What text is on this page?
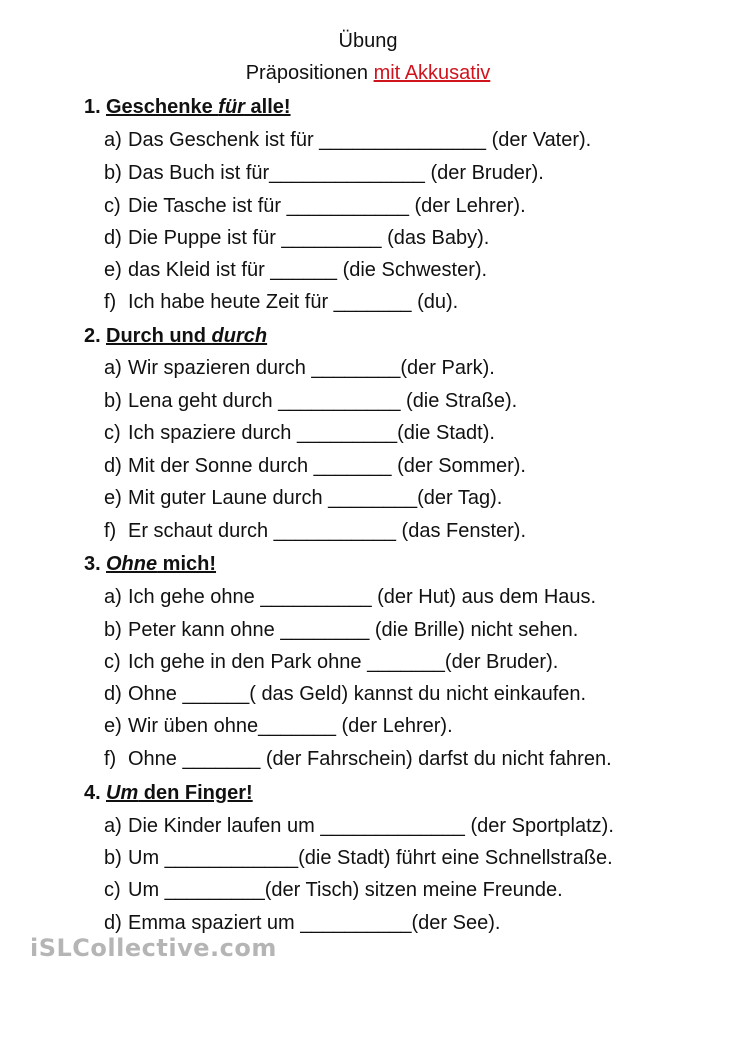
Übung
Präpositionen mit Akkusativ
1. Geschenke für alle!
a) Das Geschenk ist für _______________ (der Vater).
b) Das Buch ist für______________ (der Bruder).
c) Die Tasche ist für ___________ (der Lehrer).
d) Die Puppe ist für _________ (das Baby).
e) das Kleid ist für ______ (die Schwester).
f) Ich habe heute Zeit für _______ (du).
2. Durch und durch
a) Wir spazieren durch ________(der Park).
b) Lena geht durch ___________ (die Straße).
c) Ich spaziere durch _________(die Stadt).
d) Mit der Sonne durch _______ (der Sommer).
e) Mit guter Laune durch ________(der Tag).
f) Er schaut durch ___________ (das Fenster).
3. Ohne mich!
a) Ich gehe ohne __________ (der Hut) aus dem Haus.
b) Peter kann ohne ________ (die Brille) nicht sehen.
c) Ich gehe in den Park ohne _______(der Bruder).
d) Ohne ______( das Geld) kannst du nicht einkaufen.
e) Wir üben ohne_______ (der Lehrer).
f) Ohne _______ (der Fahrschein) darfst du nicht fahren.
4. Um den Finger!
a) Die Kinder laufen um _____________ (der Sportplatz).
b) Um ____________(die Stadt) führt eine Schnellstraße.
c) Um _________(der Tisch) sitzen meine Freunde.
d) Emma spaziert um __________(der See).
iSLCollective.com
